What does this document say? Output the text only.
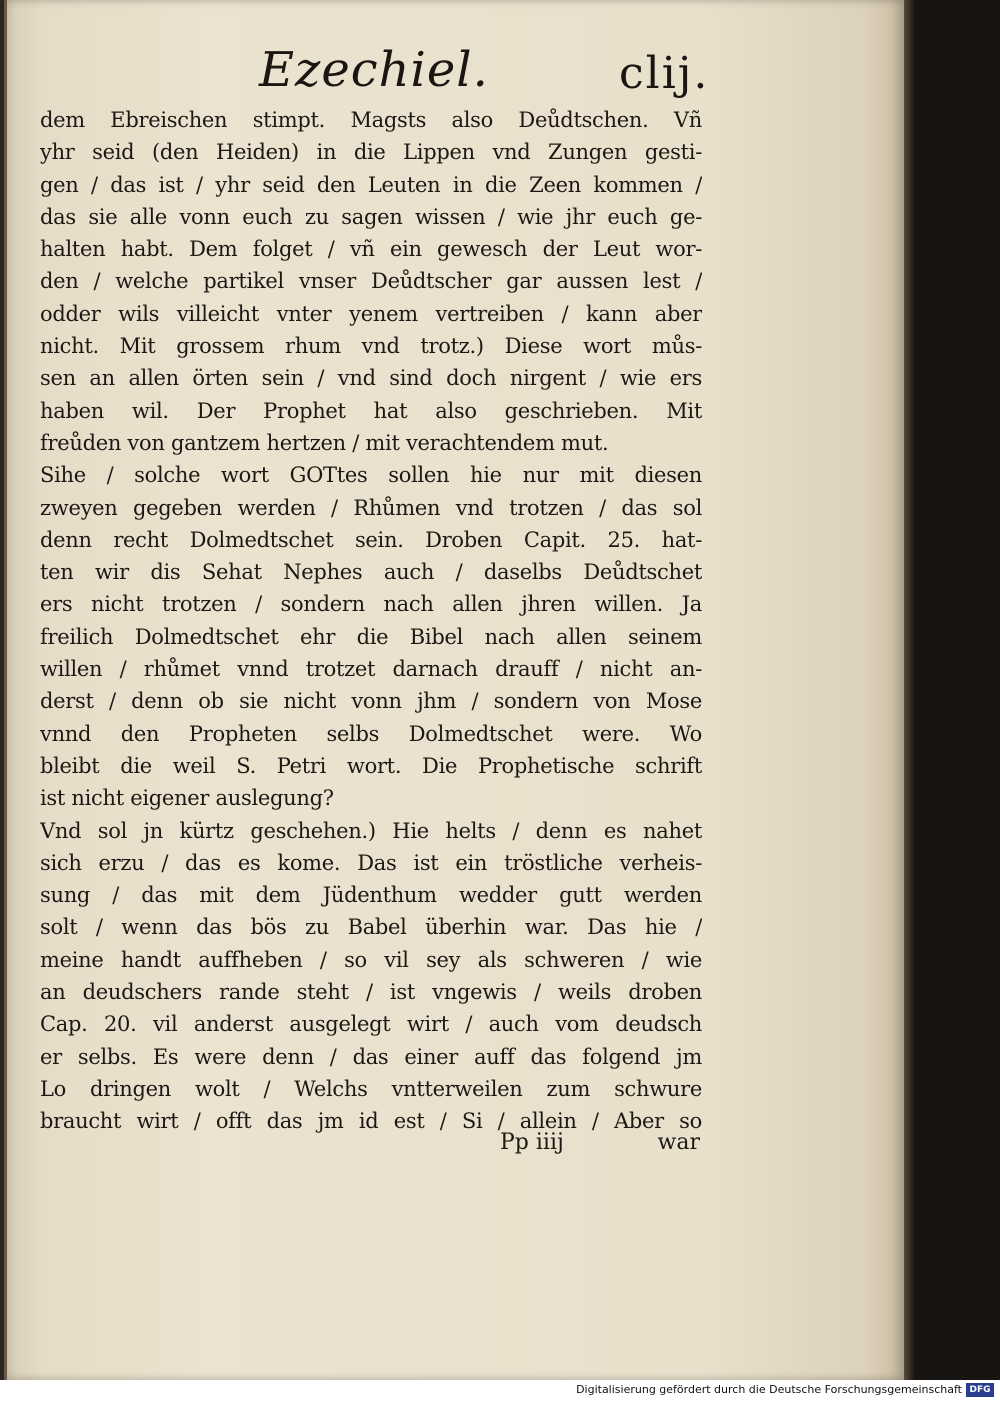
Ezechiel.	clij.
dem Ebreischen stimpt. Magsts also Deůdtschen. Vñ
yhr seid (den Heiden) in die Lippen vnd Zungen gesti-
gen / das ist / yhr seid den Leuten in die Zeen kommen /
das sie alle vonn euch zu sagen wissen / wie jhr euch ge-
halten habt. Dem folget / vñ ein gewesch der Leut wor-
den / welche partikel vnser Deůdtscher gar aussen lest /
odder wils villeicht vnter yenem vertreiben / kann aber
nicht. Mit grossem rhum vnd trotz.) Diese wort můs-
sen an allen örten sein / vnd sind doch nirgent / wie ers
haben wil. Der Prophet hat also geschrieben. Mit
freůden von gantzem hertzen / mit verachtendem mut.
Sihe / solche wort GOTtes sollen hie nur mit diesen
zweyen gegeben werden / Rhůmen vnd trotzen / das sol
denn recht Dolmedtschet sein. Droben Capit. 25. hat-
ten wir dis Sehat Nephes auch / daselbs Deůdtschet
ers nicht trotzen / sondern nach allen jhren willen. Ja
freilich Dolmedtschet ehr die Bibel nach allen seinem
willen / rhůmet vnnd trotzet darnach drauff / nicht an-
derst / denn ob sie nicht vonn jhm / sondern von Mose
vnnd den Propheten selbs Dolmedtschet were. Wo
bleibt die weil S. Petri wort. Die Prophetische schrift
ist nicht eigener auslegung?
Vnd sol jn kürtz geschehen.) Hie helts / denn es nahet
sich erzu / das es kome. Das ist ein tröstliche verheis-
sung / das mit dem Jüdenthum wedder gutt werden
solt / wenn das bös zu Babel überhin war. Das hie /
meine handt auffheben / so vil sey als schweren / wie
an deudschers rande steht / ist vngewis / weils droben
Cap. 20. vil anderst ausgelegt wirt / auch vom deudsch
er selbs. Es were denn / das einer auff das folgend jm
Lo dringen wolt / Welchs vntterweilen zum schwure
braucht wirt / offt das jm id est / Si / allein / Aber so
Pp iiij	war
Digitalisierung gefördert durch die Deutsche Forschungsgemeinschaft DFG
